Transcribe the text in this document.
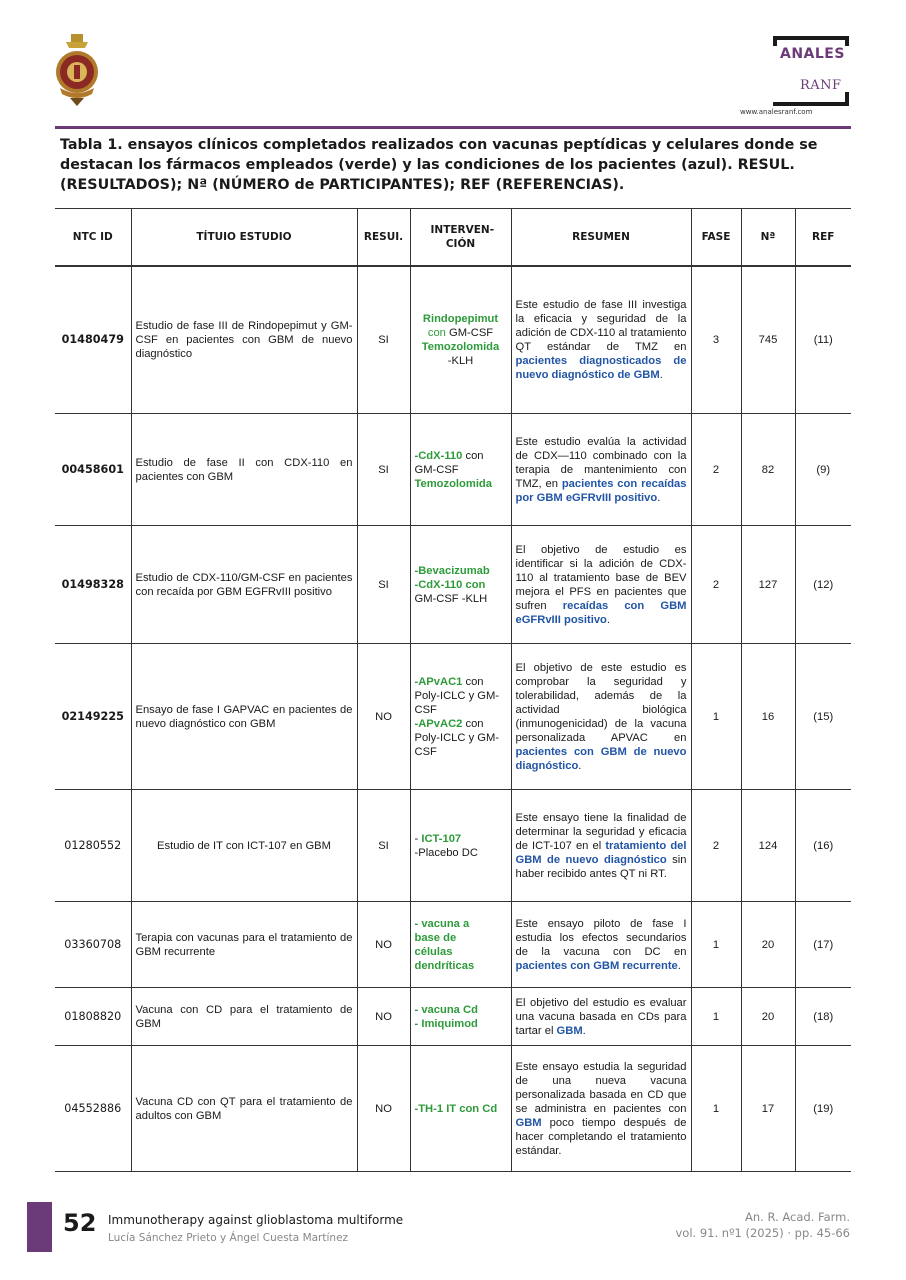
ANALES
RANF
www.analesranf.com
Tabla 1. ensayos clínicos completados realizados con vacunas peptídicas y celulares donde se destacan los fármacos empleados (verde) y las condiciones de los pacientes (azul). RESUL. (RESULTADOS); Nª (NÚMERO de PARTICIPANTES); REF (REFERENCIAS).
NTC ID	TÍTUIO ESTUDIO	RESUI.	INTERVEN-CIÓN	RESUMEN	FASE	Nª	REF
01480479	Estudio de fase III de Rindopepimut y GM-CSF en pacientes con GBM de nuevo diagnóstico	SI	Rindopepimut
con GM-CSF
Temozolomida
-KLH	Este estudio de fase III investiga la eficacia y seguridad de la adición de CDX-110 al tratamiento QT estándar de TMZ en pacientes diagnosticados de nuevo diagnóstico de GBM.	3	745	(11)
00458601	Estudio de fase II con CDX-110 en pacientes con GBM	SI	-CdX-110 con GM-CSF
Temozolomida	Este estudio evalúa la actividad de CDX—110 combinado con la terapia de mantenimiento con TMZ, en pacientes con recaídas por GBM eGFRvIII positivo.	2	82	(9)
01498328	Estudio de CDX-110/GM-CSF en pacientes con recaída por GBM EGFRvIII positivo	SI	-Bevacizumab
-CdX-110 con
GM-CSF -KLH	El objetivo de estudio es identificar si la adición de CDX-110 al tratamiento base de BEV mejora el PFS en pacientes que sufren recaídas con GBM eGFRvIII positivo.	2	127	(12)
02149225	Ensayo de fase I GAPVAC en pacientes de nuevo diagnóstico con GBM	NO	-APvAC1 con Poly-ICLC y GM-CSF
-APvAC2 con Poly-ICLC y GM-CSF	El objetivo de este estudio es comprobar la seguridad y tolerabilidad, además de la actividad biológica (inmunogenicidad) de la vacuna personalizada APVAC en pacientes con GBM de nuevo diagnóstico.	1	16	(15)
01280552	Estudio de IT con ICT-107 en GBM	SI	- ICT-107
-Placebo DC	Este ensayo tiene la finalidad de determinar la seguridad y eficacia de ICT-107 en el tratamiento del GBM de nuevo diagnóstico sin haber recibido antes QT ni RT.	2	124	(16)
03360708	Terapia con vacunas para el tratamiento de GBM recurrente	NO	- vacuna a base de células dendríticas	Este ensayo piloto de fase I estudia los efectos secundarios de la vacuna con DC en pacientes con GBM recurrente.	1	20	(17)
01808820	Vacuna con CD para el tratamiento de GBM	NO	- vacuna Cd
- Imiquimod	El objetivo del estudio es evaluar una vacuna basada en CDs para tartar el GBM.	1	20	(18)
04552886	Vacuna CD con QT para el tratamiento de adultos con GBM	NO	-TH-1 IT con Cd	Este ensayo estudia la seguridad de una nueva vacuna personalizada basada en CD que se administra en pacientes con GBM poco tiempo después de hacer completando el tratamiento estándar.	1	17	(19)
52 Immunotherapy against glioblastoma multiforme
Lucía Sánchez Prieto y Ángel Cuesta Martínez
An. R. Acad. Farm.
vol. 91. nº1 (2025) · pp. 45-66
